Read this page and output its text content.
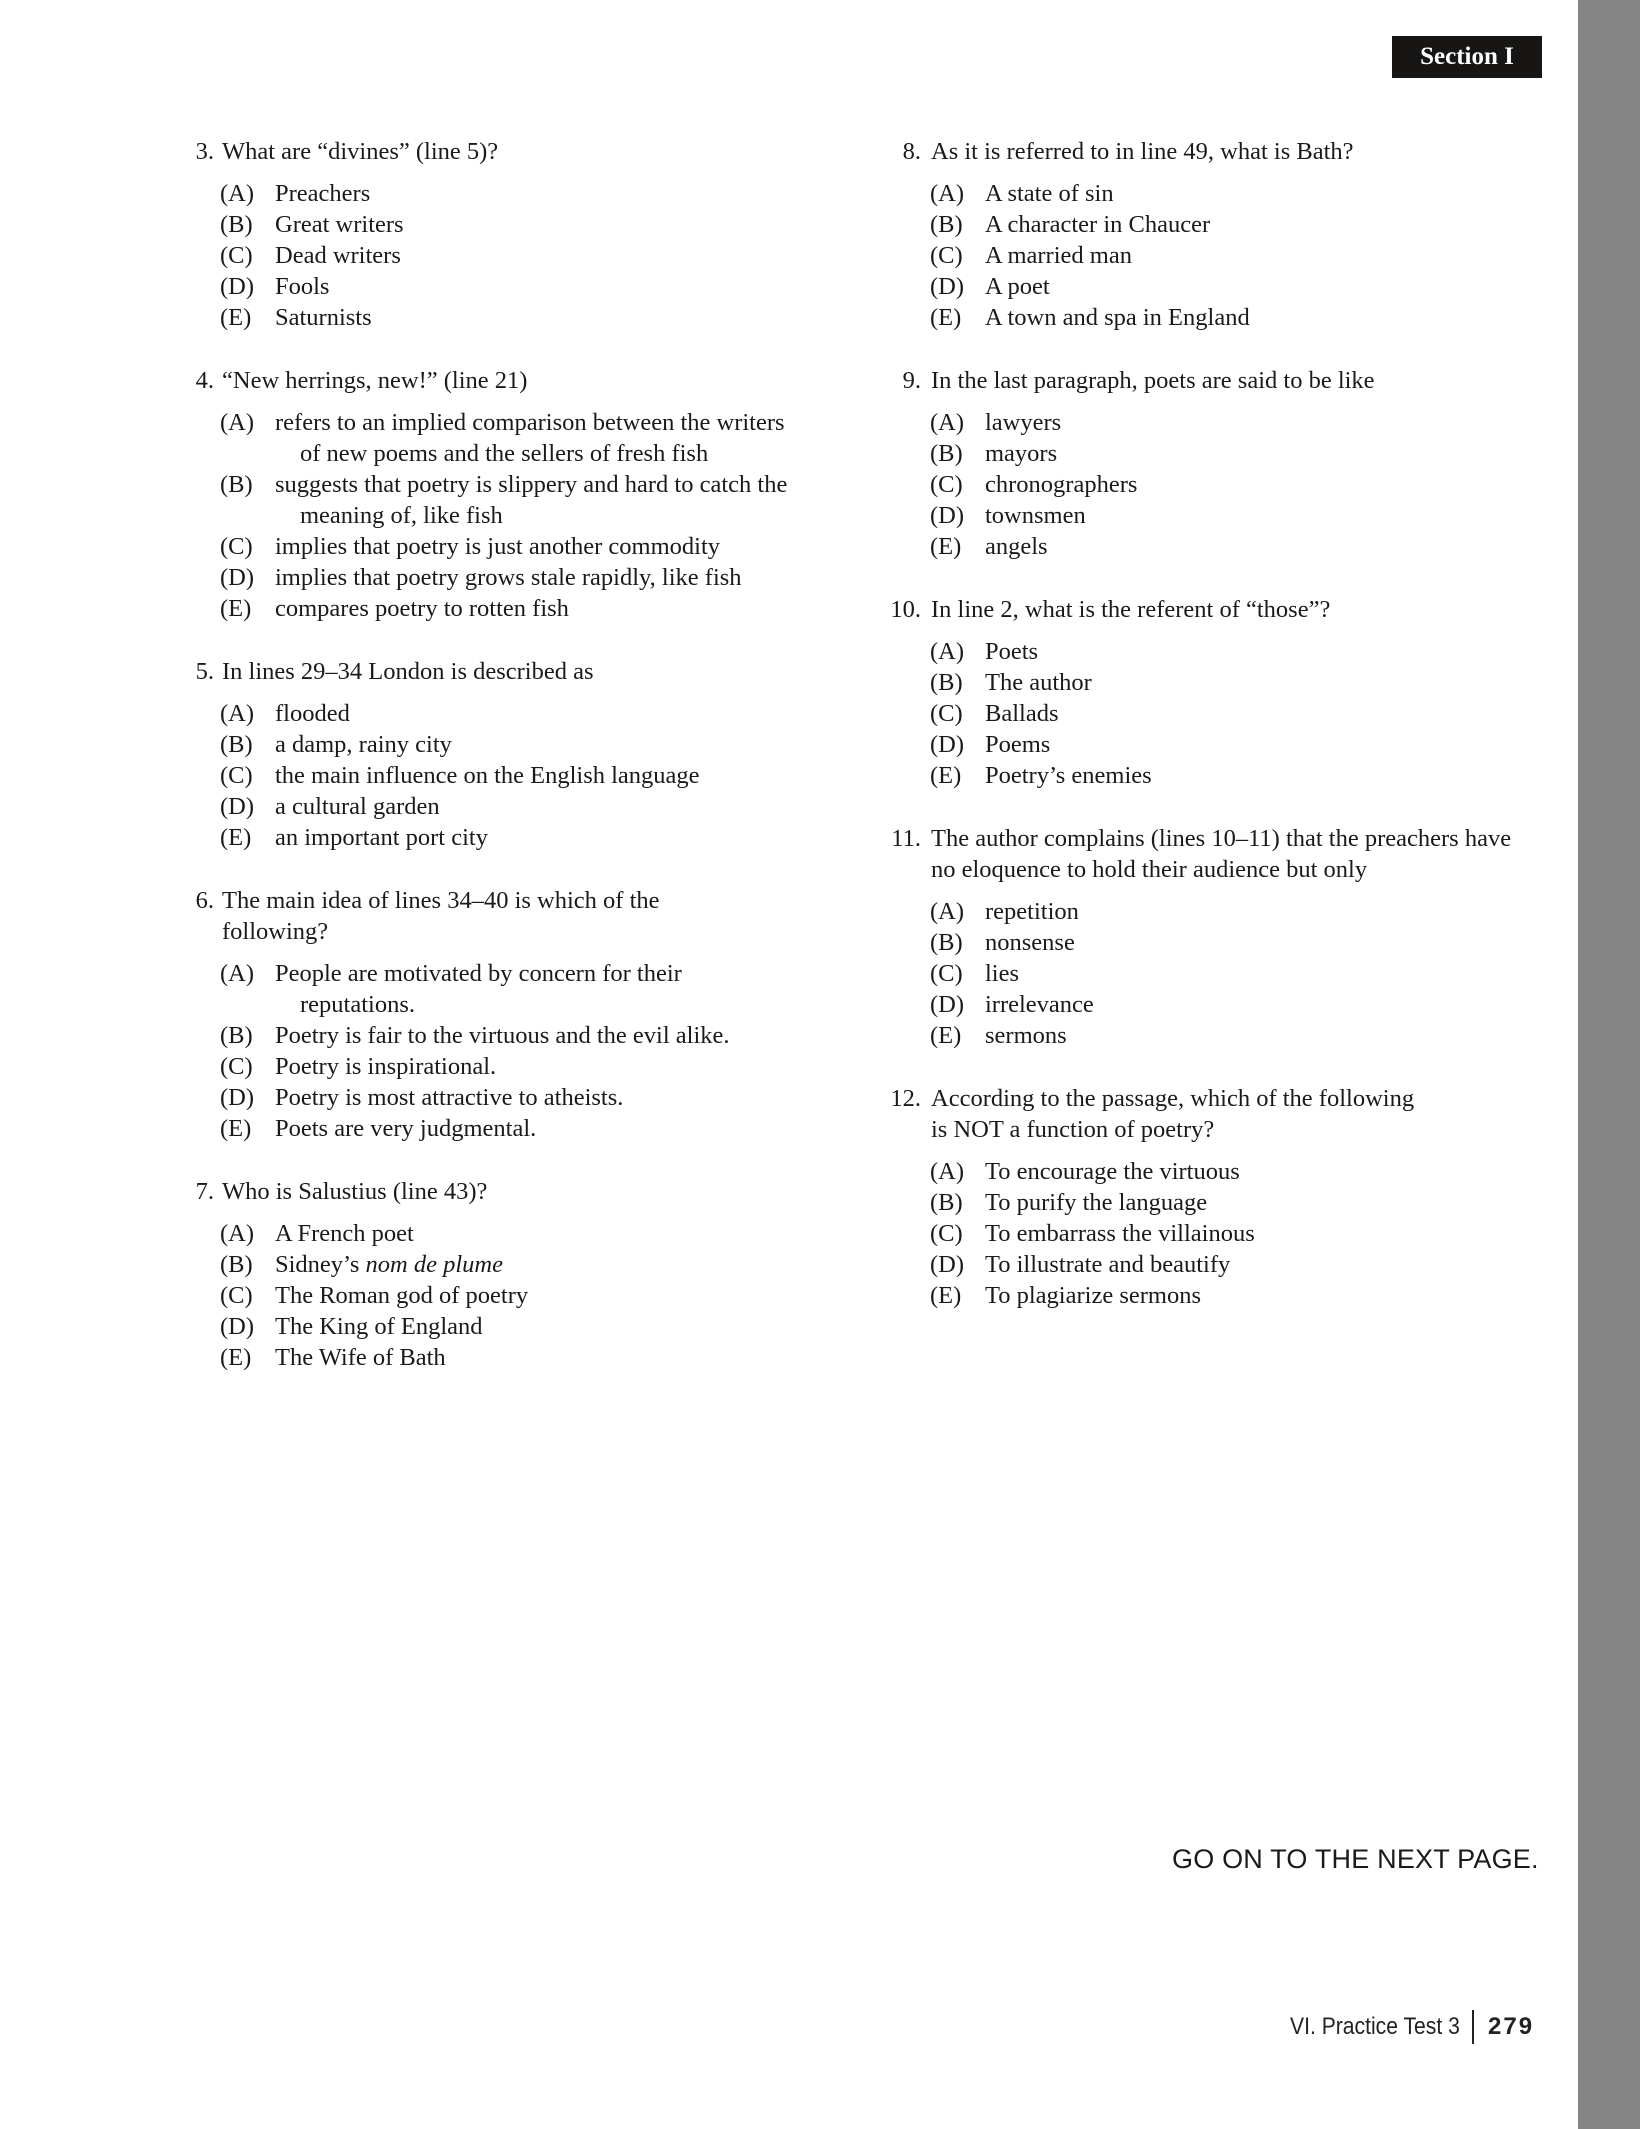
Section I
3. What are “divines” (line 5)?
(A) Preachers
(B) Great writers
(C) Dead writers
(D) Fools
(E) Saturnists
4. “New herrings, new!” (line 21)
(A) refers to an implied comparison between the writers
of new poems and the sellers of fresh fish
(B) suggests that poetry is slippery and hard to catch the
meaning of, like fish
(C) implies that poetry is just another commodity
(D) implies that poetry grows stale rapidly, like fish
(E) compares poetry to rotten fish
5. In lines 29–34 London is described as
(A) flooded
(B) a damp, rainy city
(C) the main influence on the English language
(D) a cultural garden
(E) an important port city
6. The main idea of lines 34–40 is which of the
following?
(A) People are motivated by concern for their
reputations.
(B) Poetry is fair to the virtuous and the evil alike.
(C) Poetry is inspirational.
(D) Poetry is most attractive to atheists.
(E) Poets are very judgmental.
7. Who is Salustius (line 43)?
(A) A French poet
(B) Sidney’s nom de plume
(C) The Roman god of poetry
(D) The King of England
(E) The Wife of Bath
8. As it is referred to in line 49, what is Bath?
(A) A state of sin
(B) A character in Chaucer
(C) A married man
(D) A poet
(E) A town and spa in England
9. In the last paragraph, poets are said to be like
(A) lawyers
(B) mayors
(C) chronographers
(D) townsmen
(E) angels
10. In line 2, what is the referent of “those”?
(A) Poets
(B) The author
(C) Ballads
(D) Poems
(E) Poetry’s enemies
11. The author complains (lines 10–11) that the preachers have
no eloquence to hold their audience but only
(A) repetition
(B) nonsense
(C) lies
(D) irrelevance
(E) sermons
12. According to the passage, which of the following
is NOT a function of poetry?
(A) To encourage the virtuous
(B) To purify the language
(C) To embarrass the villainous
(D) To illustrate and beautify
(E) To plagiarize sermons
GO ON TO THE NEXT PAGE.
VI. Practice Test 3 279
